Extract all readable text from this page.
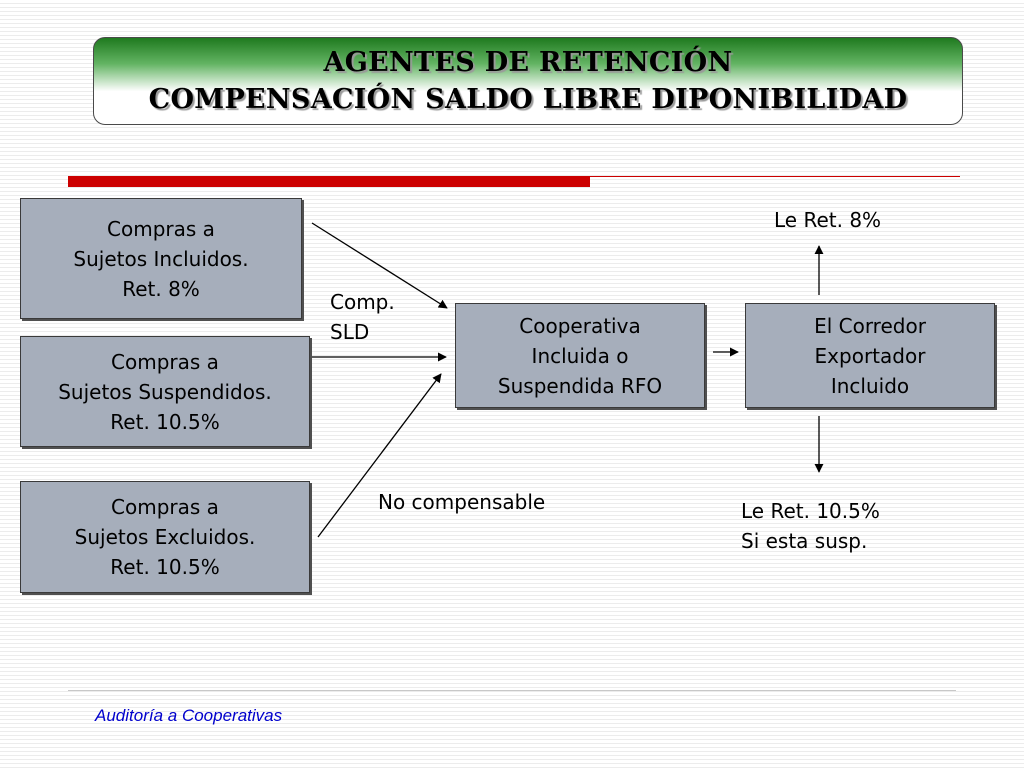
AGENTES DE RETENCIÓN
COMPENSACIÓN SALDO LIBRE DIPONIBILIDAD
Compras a
Sujetos Incluidos.
Ret. 8%
Compras a
Sujetos Suspendidos.
Ret. 10.5%
Compras a
Sujetos Excluidos.
Ret. 10.5%
Cooperativa
Incluida o
Suspendida RFO
El Corredor
Exportador
Incluido
Comp.
SLD
No compensable
Le Ret. 8%
Le Ret. 10.5%
Si esta susp.
Auditoría a Cooperativas
